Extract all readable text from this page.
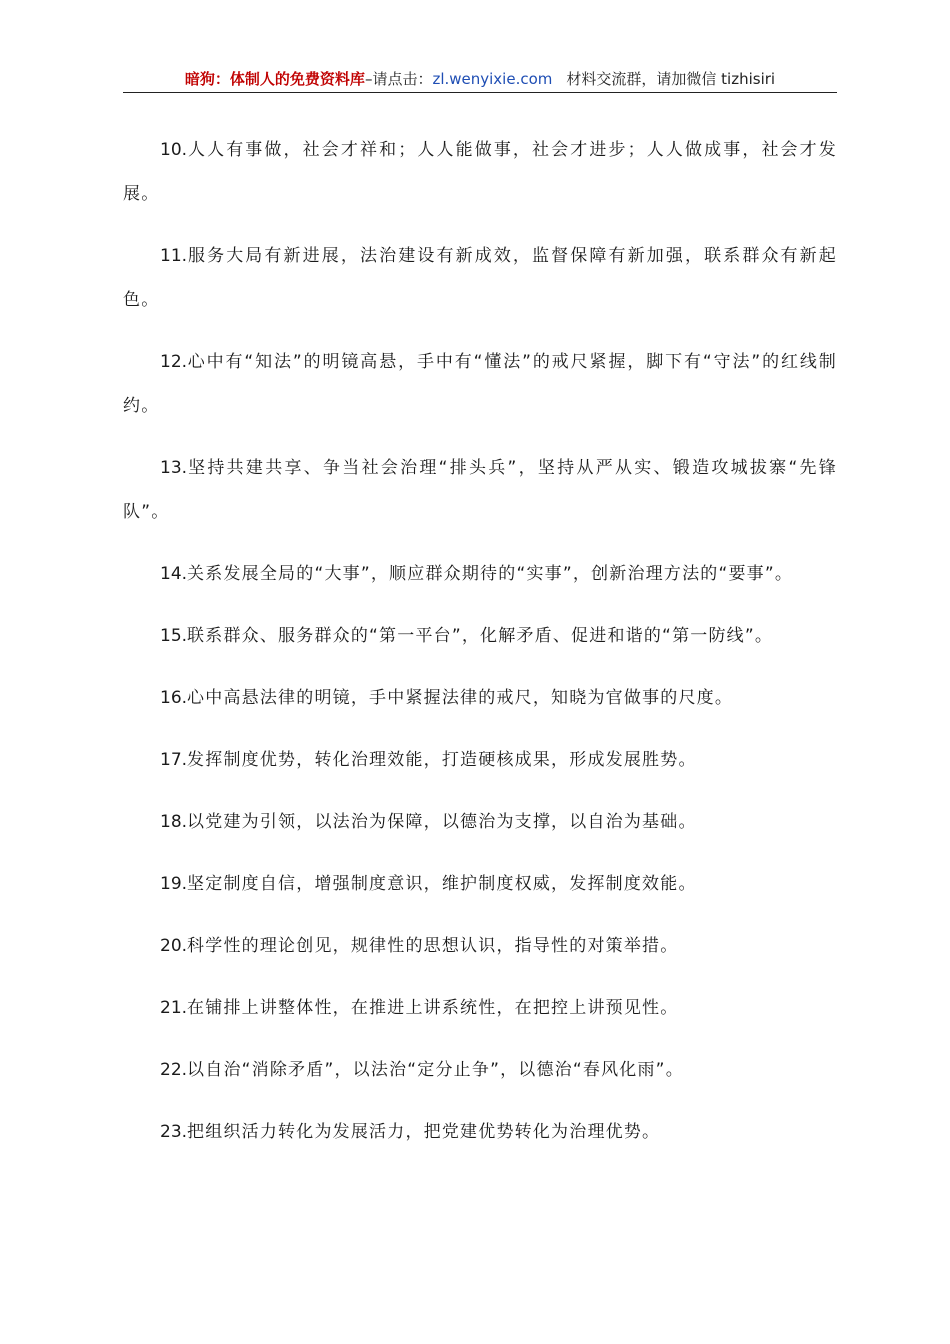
暗狗：体制人的免费资料库–请点击：zl.wenyixie.com 材料交流群，请加微信 tizhisiri

10.人人有事做，社会才祥和；人人能做事，社会才进步；人人做成事，社会才发展。

11.服务大局有新进展，法治建设有新成效，监督保障有新加强，联系群众有新起色。

12.心中有“知法”的明镜高悬，手中有“懂法”的戒尺紧握，脚下有“守法”的红线制约。

13.坚持共建共享、争当社会治理“排头兵”，坚持从严从实、锻造攻城拔寨“先锋队”。

14.关系发展全局的“大事”，顺应群众期待的“实事”，创新治理方法的“要事”。

15.联系群众、服务群众的“第一平台”，化解矛盾、促进和谐的“第一防线”。

16.心中高悬法律的明镜，手中紧握法律的戒尺，知晓为官做事的尺度。

17.发挥制度优势，转化治理效能，打造硬核成果，形成发展胜势。

18.以党建为引领，以法治为保障，以德治为支撑，以自治为基础。

19.坚定制度自信，增强制度意识，维护制度权威，发挥制度效能。

20.科学性的理论创见，规律性的思想认识，指导性的对策举措。

21.在铺排上讲整体性，在推进上讲系统性，在把控上讲预见性。

22.以自治“消除矛盾”，以法治“定分止争”，以德治“春风化雨”。

23.把组织活力转化为发展活力，把党建优势转化为治理优势。
